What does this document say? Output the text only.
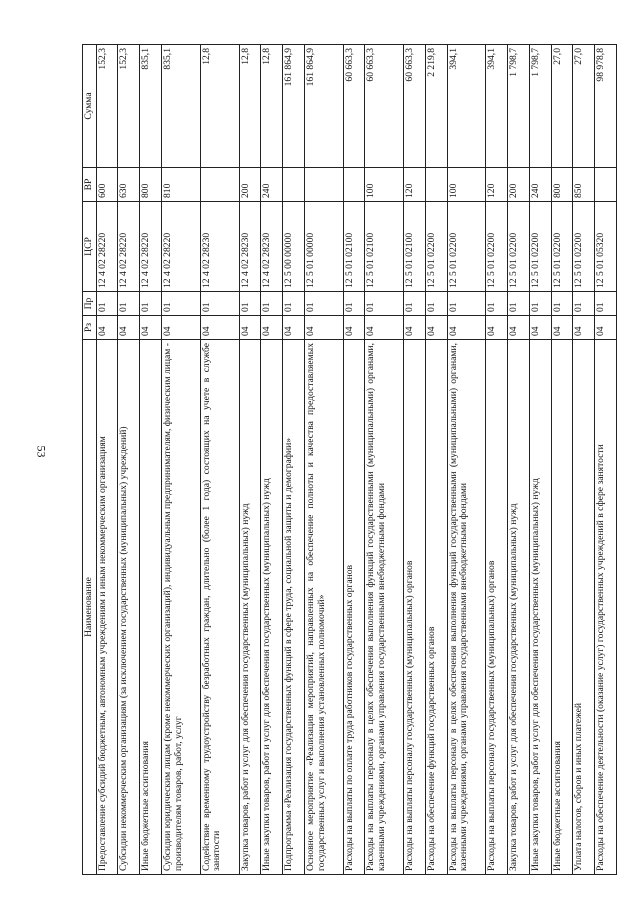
53
Наименование	Рз	Пр	ЦСР	ВР	Сумма
Предоставление субсидий бюджетным, автономным учреждениям и иным некоммерческим организациям	04	01	12 4 02 28220	600	152,3
Субсидии некоммерческим организациям (за исключением государственных (муниципальных) учреждений)	04	01	12 4 02 28220	630	152,3
Иные бюджетные ассигнования	04	01	12 4 02 28220	800	835,1
Субсидии юридическим лицам (кроме некоммерческих организаций), индивидуальным предпринимателям, физическим лицам - производителям товаров, работ, услуг	04	01	12 4 02 28220	810	835,1
Содействие временному трудоустройству безработных граждан, длительно (более 1 года) состоящих на учете в службе занятости	04	01	12 4 02 28230		12,8
Закупка товаров, работ и услуг для обеспечения государственных (муниципальных) нужд	04	01	12 4 02 28230	200	12,8
Иные закупки товаров, работ и услуг для обеспечения государственных (муниципальных) нужд	04	01	12 4 02 28230	240	12,8
Подпрограмма «Реализация государственных функций в сфере труда, социальной защиты и демографии»	04	01	12 5 00 00000		161 864,9
Основное мероприятие «Реализация мероприятий, направленных на обеспечение полноты и качества предоставляемых государственных услуг и выполнения установленных полномочий»	04	01	12 5 01 00000		161 864,9
Расходы на выплаты по оплате труда работников государственных органов	04	01	12 5 01 02100		60 663,3
Расходы на выплаты персоналу в целях обеспечения выполнения функций государственными (муниципальными) органами, казенными учреждениями, органами управления государственными внебюджетными фондами	04	01	12 5 01 02100	100	60 663,3
Расходы на выплаты персоналу государственных (муниципальных) органов	04	01	12 5 01 02100	120	60 663,3
Расходы на обеспечение функций государственных органов	04	01	12 5 01 02200		2 219,8
Расходы на выплаты персоналу в целях обеспечения выполнения функций государственными (муниципальными) органами, казенными учреждениями, органами управления государственными внебюджетными фондами	04	01	12 5 01 02200	100	394,1
Расходы на выплаты персоналу государственных (муниципальных) органов	04	01	12 5 01 02200	120	394,1
Закупка товаров, работ и услуг для обеспечения государственных (муниципальных) нужд	04	01	12 5 01 02200	200	1 798,7
Иные закупки товаров, работ и услуг для обеспечения государственных (муниципальных) нужд	04	01	12 5 01 02200	240	1 798,7
Иные бюджетные ассигнования	04	01	12 5 01 02200	800	27,0
Уплата налогов, сборов и иных платежей	04	01	12 5 01 02200	850	27,0
Расходы на обеспечение деятельности (оказание услуг) государственных учреждений в сфере занятости	04	01	12 5 01 05320		98 978,8
